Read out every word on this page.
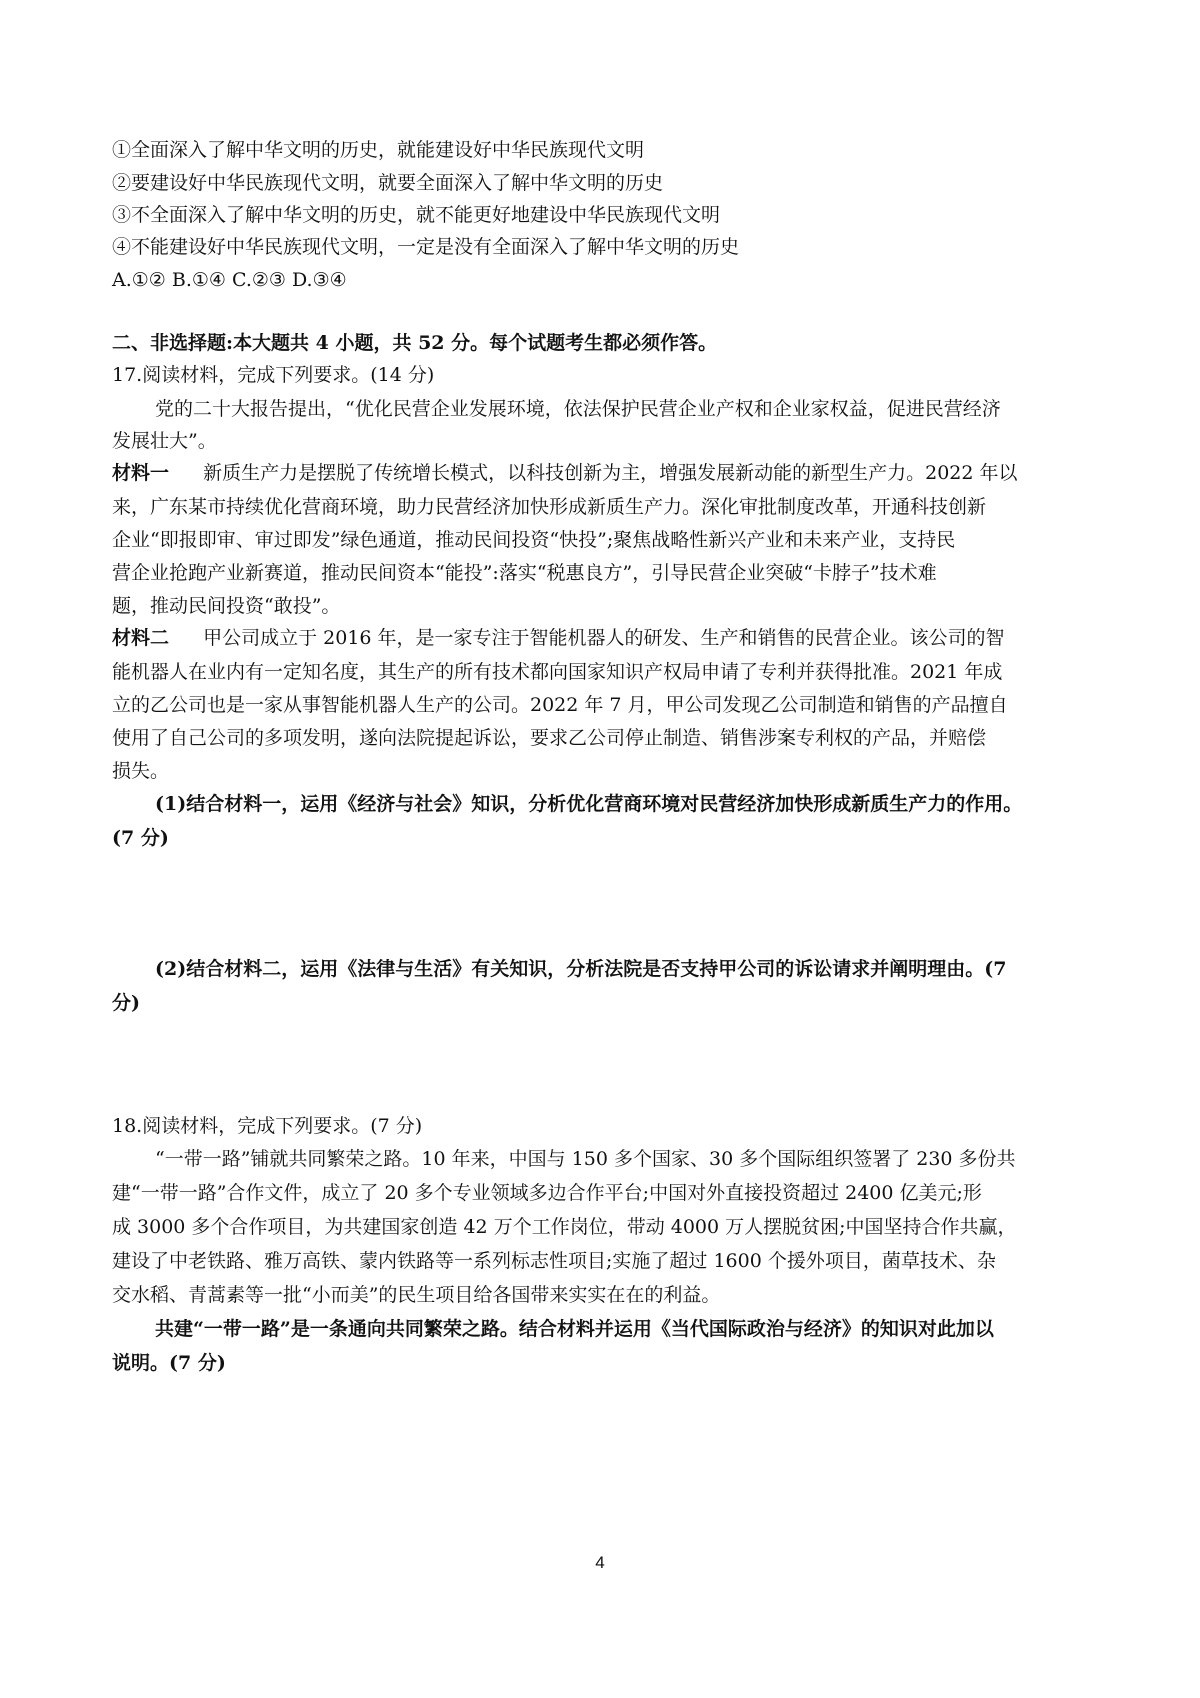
①全面深入了解中华文明的历史，就能建设好中华民族现代文明
②要建设好中华民族现代文明，就要全面深入了解中华文明的历史
③不全面深入了解中华文明的历史，就不能更好地建设中华民族现代文明
④不能建设好中华民族现代文明，一定是没有全面深入了解中华文明的历史
A.①② B.①④ C.②③ D.③④
二、非选择题:本大题共 4 小题，共 52 分。每个试题考生都必须作答。
17.阅读材料，完成下列要求。(14 分)
党的二十大报告提出，“优化民营企业发展环境，依法保护民营企业产权和企业家权益，促进民营经济
发展壮大”。
材料一 新质生产力是摆脱了传统增长模式，以科技创新为主，增强发展新动能的新型生产力。2022 年以
来，广东某市持续优化营商环境，助力民营经济加快形成新质生产力。深化审批制度改革，开通科技创新
企业“即报即审、审过即发”绿色通道，推动民间投资“快投”;聚焦战略性新兴产业和未来产业，支持民
营企业抢跑产业新赛道，推动民间资本“能投”:落实“税惠良方”，引导民营企业突破“卡脖子”技术难
题，推动民间投资“敢投”。
材料二 甲公司成立于 2016 年，是一家专注于智能机器人的研发、生产和销售的民营企业。该公司的智
能机器人在业内有一定知名度，其生产的所有技术都向国家知识产权局申请了专利并获得批准。2021 年成
立的乙公司也是一家从事智能机器人生产的公司。2022 年 7 月，甲公司发现乙公司制造和销售的产品擅自
使用了自己公司的多项发明，遂向法院提起诉讼，要求乙公司停止制造、销售涉案专利权的产品，并赔偿
损失。
(1)结合材料一，运用《经济与社会》知识，分析优化营商环境对民营经济加快形成新质生产力的作用。
(7 分)
(2)结合材料二，运用《法律与生活》有关知识，分析法院是否支持甲公司的诉讼请求并阐明理由。(7
分)
18.阅读材料，完成下列要求。(7 分)
“一带一路”铺就共同繁荣之路。10 年来，中国与 150 多个国家、30 多个国际组织签署了 230 多份共
建“一带一路”合作文件，成立了 20 多个专业领域多边合作平台;中国对外直接投资超过 2400 亿美元;形
成 3000 多个合作项目，为共建国家创造 42 万个工作岗位，带动 4000 万人摆脱贫困;中国坚持合作共赢，
建设了中老铁路、雅万高铁、蒙内铁路等一系列标志性项目;实施了超过 1600 个援外项目，菌草技术、杂
交水稻、青蒿素等一批“小而美”的民生项目给各国带来实实在在的利益。
共建“一带一路”是一条通向共同繁荣之路。结合材料并运用《当代国际政治与经济》的知识对此加以
说明。(7 分)
4
